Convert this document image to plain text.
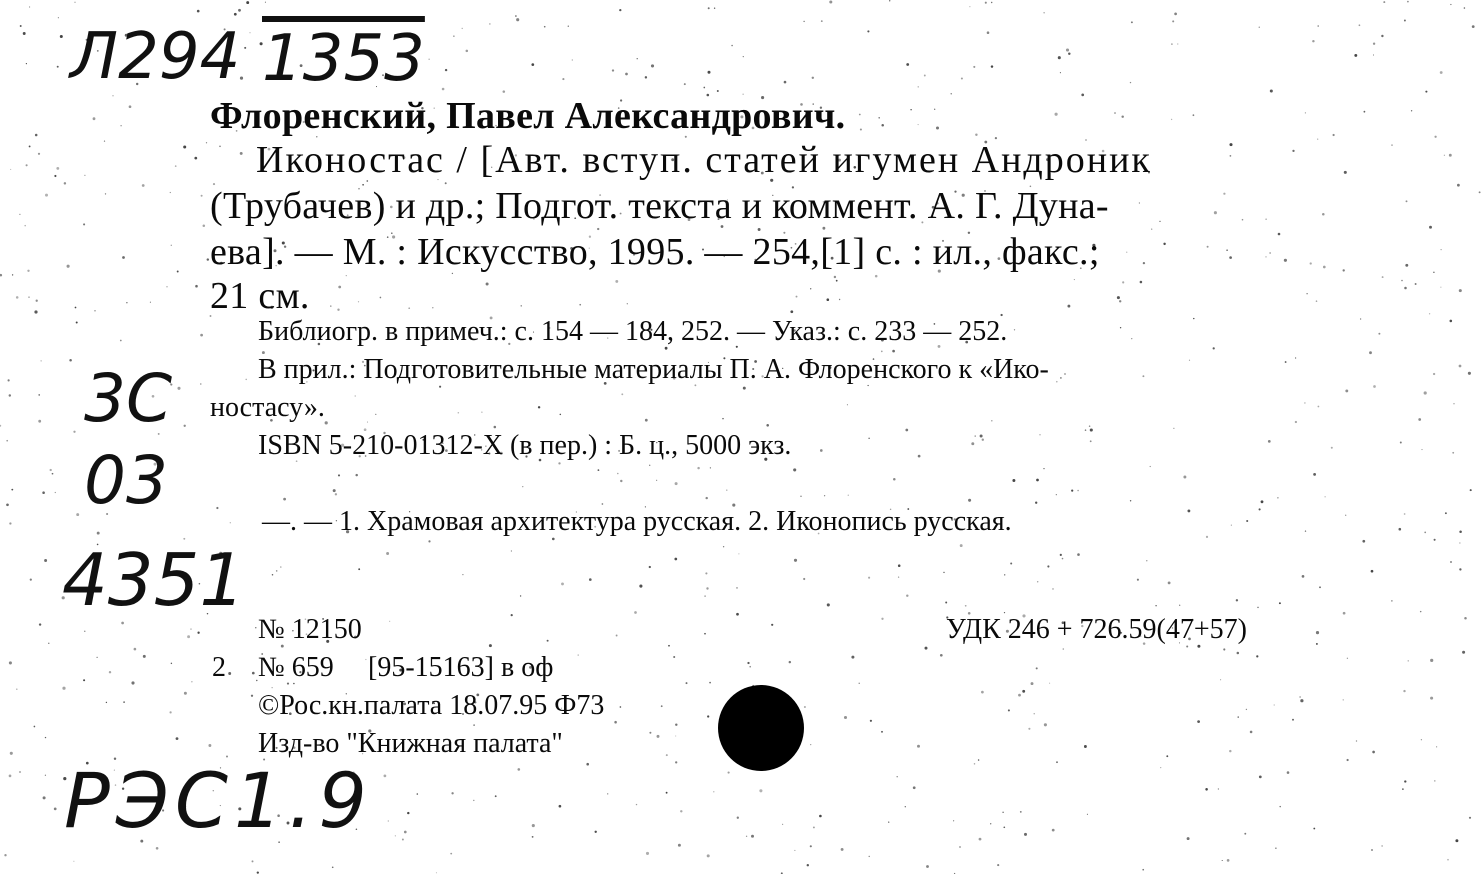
Л294 1353
3С
03
4351
РЭС1.9
Флоренский, Павел Александрович.
Иконостас / [Авт. вступ. статей игумен Андроник
(Трубачев) и др.; Подгот. текста и коммент. А. Г. Дуна-
ева]. — М. : Искусство, 1995. — 254,[1] с. : ил., факс.;
21 см.
Библиогр. в примеч.: с. 154 — 184, 252. — Указ.: с. 233 — 252.
В прил.: Подготовительные материалы П. А. Флоренского к «Ико-
ностасу».
ISBN 5-210-01312-X (в пер.) : Б. ц., 5000 экз.
—. — 1. Храмовая архитектура русская. 2. Иконопись русская.
№ 12150	УДК 246 + 726.59(47+57)
2 № 659 [95-15163] в оф
©Рос.кн.палата 18.07.95 Ф73
Изд-во "Книжная палата"
